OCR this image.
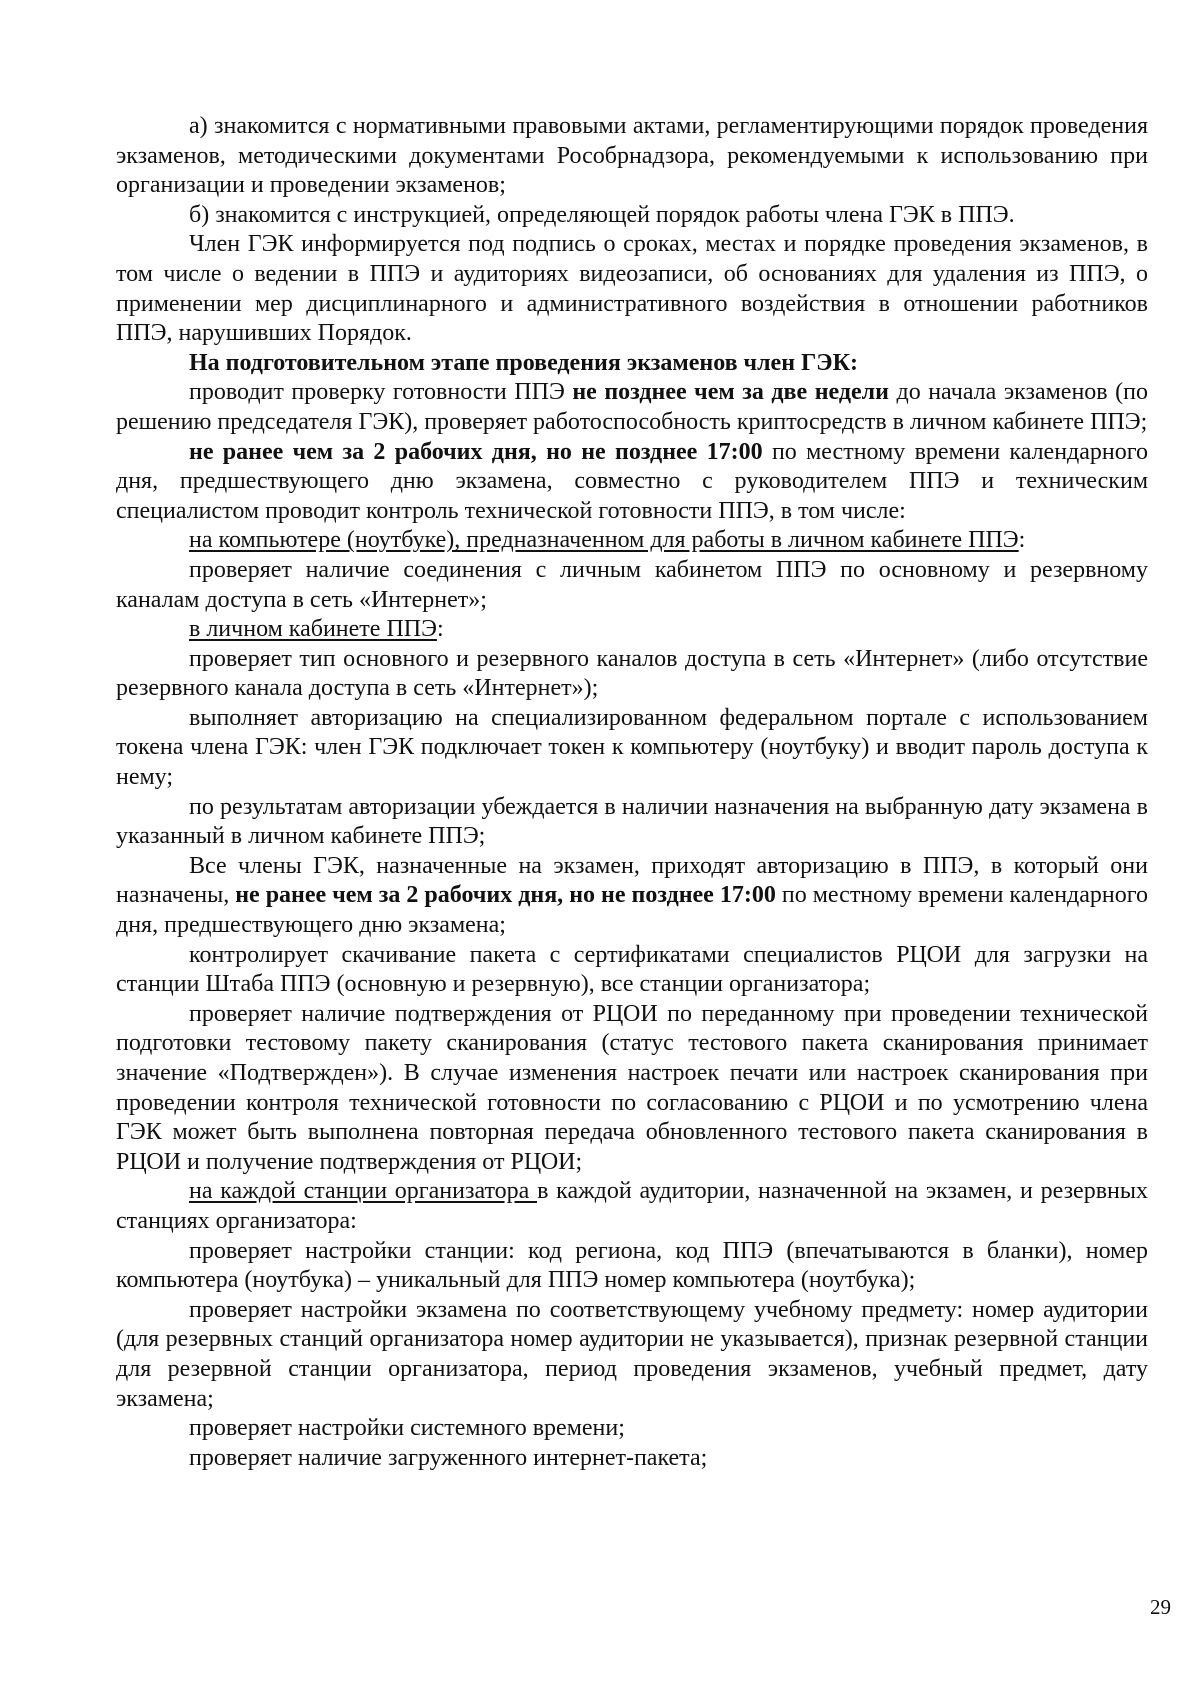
а) знакомится с нормативными правовыми актами, регламентирующими порядок проведения экзаменов, методическими документами Рособрнадзора, рекомендуемыми к использованию при организации и проведении экзаменов;

б) знакомится с инструкцией, определяющей порядок работы члена ГЭК в ППЭ.

Член ГЭК информируется под подпись о сроках, местах и порядке проведения экзаменов, в том числе о ведении в ППЭ и аудиториях видеозаписи, об основаниях для удаления из ППЭ, о применении мер дисциплинарного и административного воздействия в отношении работников ППЭ, нарушивших Порядок.

На подготовительном этапе проведения экзаменов член ГЭК:

проводит проверку готовности ППЭ не позднее чем за две недели до начала экзаменов (по решению председателя ГЭК), проверяет работоспособность криптосредств в личном кабинете ППЭ;

не ранее чем за 2 рабочих дня, но не позднее 17:00 по местному времени календарного дня, предшествующего дню экзамена, совместно с руководителем ППЭ и техническим специалистом проводит контроль технической готовности ППЭ, в том числе:

на компьютере (ноутбуке), предназначенном для работы в личном кабинете ППЭ:

проверяет наличие соединения с личным кабинетом ППЭ по основному и резервному каналам доступа в сеть «Интернет»;

в личном кабинете ППЭ:

проверяет тип основного и резервного каналов доступа в сеть «Интернет» (либо отсутствие резервного канала доступа в сеть «Интернет»);

выполняет авторизацию на специализированном федеральном портале с использованием токена члена ГЭК: член ГЭК подключает токен к компьютеру (ноутбуку) и вводит пароль доступа к нему;

по результатам авторизации убеждается в наличии назначения на выбранную дату экзамена в указанный в личном кабинете ППЭ;

Все члены ГЭК, назначенные на экзамен, приходят авторизацию в ППЭ, в который они назначены, не ранее чем за 2 рабочих дня, но не позднее 17:00 по местному времени календарного дня, предшествующего дню экзамена;

контролирует скачивание пакета с сертификатами специалистов РЦОИ для загрузки на станции Штаба ППЭ (основную и резервную), все станции организатора;

проверяет наличие подтверждения от РЦОИ по переданному при проведении технической подготовки тестовому пакету сканирования (статус тестового пакета сканирования принимает значение «Подтвержден»). В случае изменения настроек печати или настроек сканирования при проведении контроля технической готовности по согласованию с РЦОИ и по усмотрению члена ГЭК может быть выполнена повторная передача обновленного тестового пакета сканирования в РЦОИ и получение подтверждения от РЦОИ;

на каждой станции организатора в каждой аудитории, назначенной на экзамен, и резервных станциях организатора:

проверяет настройки станции: код региона, код ППЭ (впечатываются в бланки), номер компьютера (ноутбука) – уникальный для ППЭ номер компьютера (ноутбука);

проверяет настройки экзамена по соответствующему учебному предмету: номер аудитории (для резервных станций организатора номер аудитории не указывается), признак резервной станции для резервной станции организатора, период проведения экзаменов, учебный предмет, дату экзамена;

проверяет настройки системного времени;

проверяет наличие загруженного интернет-пакета;

29
